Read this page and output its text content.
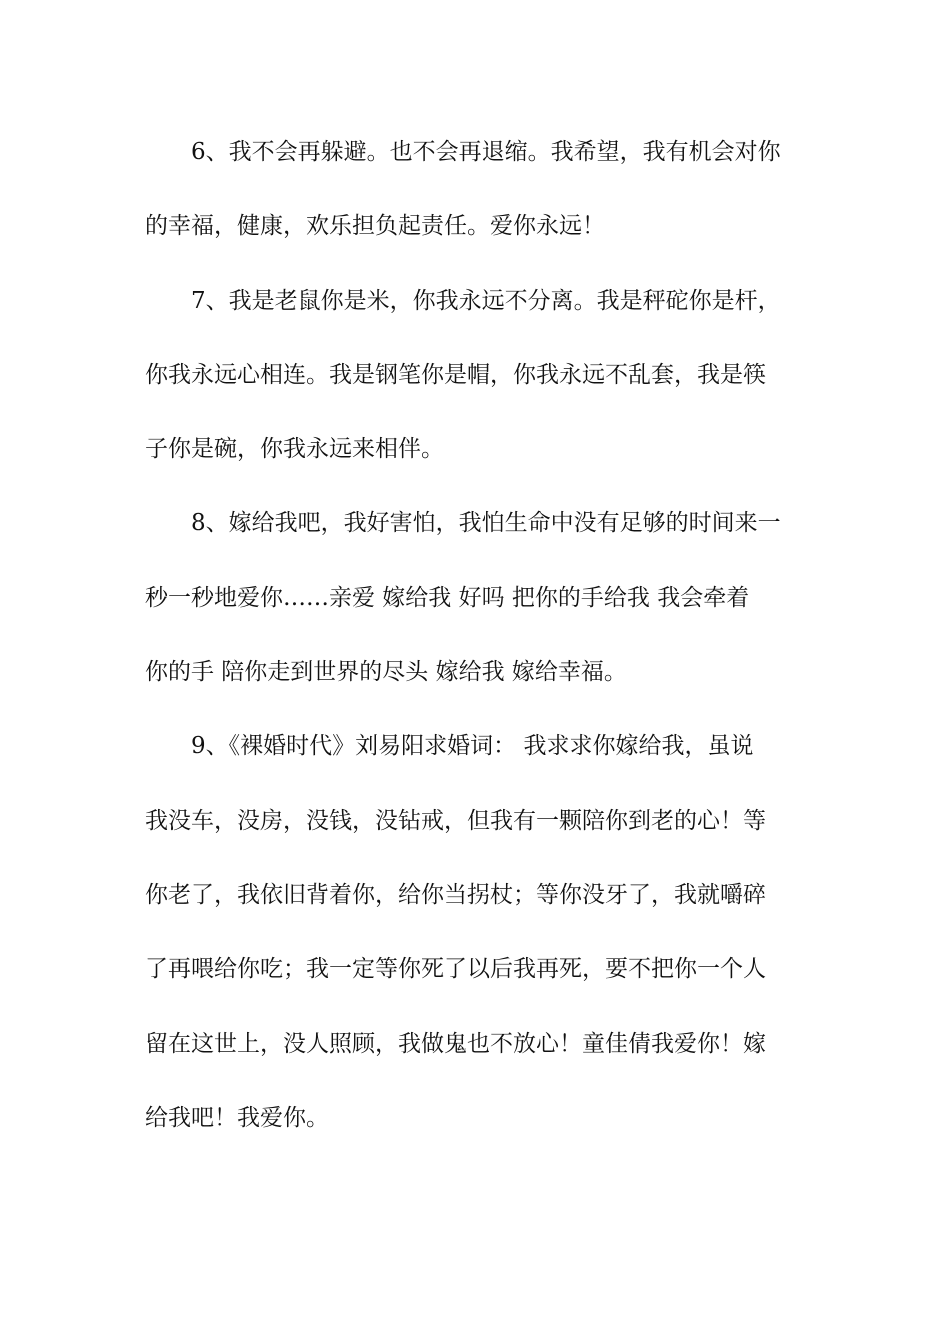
6、我不会再躲避。也不会再退缩。我希望，我有机会对你
的幸福，健康，欢乐担负起责任。爱你永远！
7、我是老鼠你是米，你我永远不分离。我是秤砣你是杆，
你我永远心相连。我是钢笔你是帽，你我永远不乱套，我是筷
子你是碗，你我永远来相伴。
8、嫁给我吧，我好害怕，我怕生命中没有足够的时间来一
秒一秒地爱你……亲爱 嫁给我 好吗 把你的手给我 我会牵着
你的手 陪你走到世界的尽头 嫁给我 嫁给幸福。
9、《裸婚时代》刘易阳求婚词： 我求求你嫁给我，虽说
我没车，没房，没钱，没钻戒，但我有一颗陪你到老的心！等
你老了，我依旧背着你，给你当拐杖；等你没牙了，我就嚼碎
了再喂给你吃；我一定等你死了以后我再死，要不把你一个人
留在这世上，没人照顾，我做鬼也不放心！童佳倩我爱你！嫁
给我吧！我爱你。
